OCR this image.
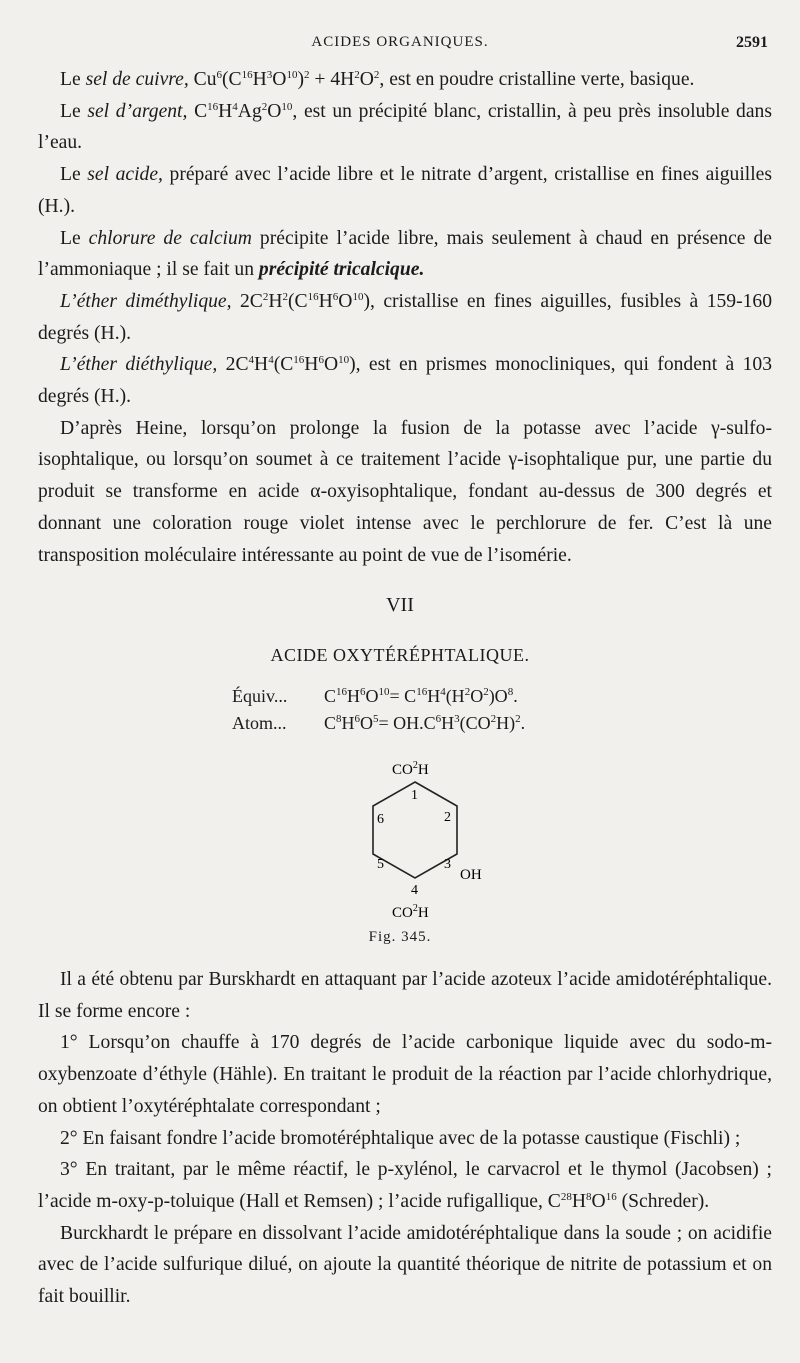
ACIDES ORGANIQUES.	2591

Le sel de cuivre, $Cu^6(C^{16}H^3O^{10})^2 + 4H^2O^2$, est en poudre cristalline verte, basique.

Le sel d’argent, $C^{16}H^4Ag^2O^{10}$, est un précipité blanc, cristallin, à peu près insoluble dans l’eau.

Le sel acide, préparé avec l’acide libre et le nitrate d’argent, cristallise en fines aiguilles (H.).

Le chlorure de calcium précipite l’acide libre, mais seulement à chaud en présence de l’ammoniaque ; il se fait un précipité tricalcique.

L’éther diméthylique, $2C^2H^2(C^{16}H^6O^{10})$, cristallise en fines aiguilles, fusibles à 159-160 degrés (H.).

L’éther diéthylique, $2C^4H^4(C^{16}H^6O^{10})$, est en prismes monocliniques, qui fondent à 103 degrés (H.).

D’après Heine, lorsqu’on prolonge la fusion de la potasse avec l’acide γ-sulfo-isophtalique, ou lorsqu’on soumet à ce traitement l’acide γ-isophtalique pur, une partie du produit se transforme en acide α-oxyisophtalique, fondant au-dessus de 300 degrés et donnant une coloration rouge violet intense avec le perchlorure de fer. C’est là une transposition moléculaire intéressante au point de vue de l’isomérie.

VII
ACIDE OXYTÉRÉPHTALIQUE.
Équiv... $C^{16}H^6O^{10}= C^{16}H^4(H^2O^2)O^8$.
Atom... $C^8H^6O^5= OH.C^6H^3(CO^2H)^2$.
$CO^2H$
OH
$CO^2H$
1
2
3
4
5
6
Fig. 345.

Il a été obtenu par Burskhardt en attaquant par l’acide azoteux l’acide amidotéréphtalique. Il se forme encore :

1° Lorsqu’on chauffe à 170 degrés de l’acide carbonique liquide avec du sodo-m-oxybenzoate d’éthyle (Hähle). En traitant le produit de la réaction par l’acide chlorhydrique, on obtient l’oxytéréphtalate correspondant ;

2° En faisant fondre l’acide bromotéréphtalique avec de la potasse caustique (Fischli) ;

3° En traitant, par le même réactif, le p-xylénol, le carvacrol et le thymol (Jacobsen) ; l’acide m-oxy-p-toluique (Hall et Remsen) ; l’acide rufigallique, $C^{28}H^8O^{16}$ (Schreder).

Burckhardt le prépare en dissolvant l’acide amidotéréphtalique dans la soude ; on acidifie avec de l’acide sulfurique dilué, on ajoute la quantité théorique de nitrite de potassium et on fait bouillir.
